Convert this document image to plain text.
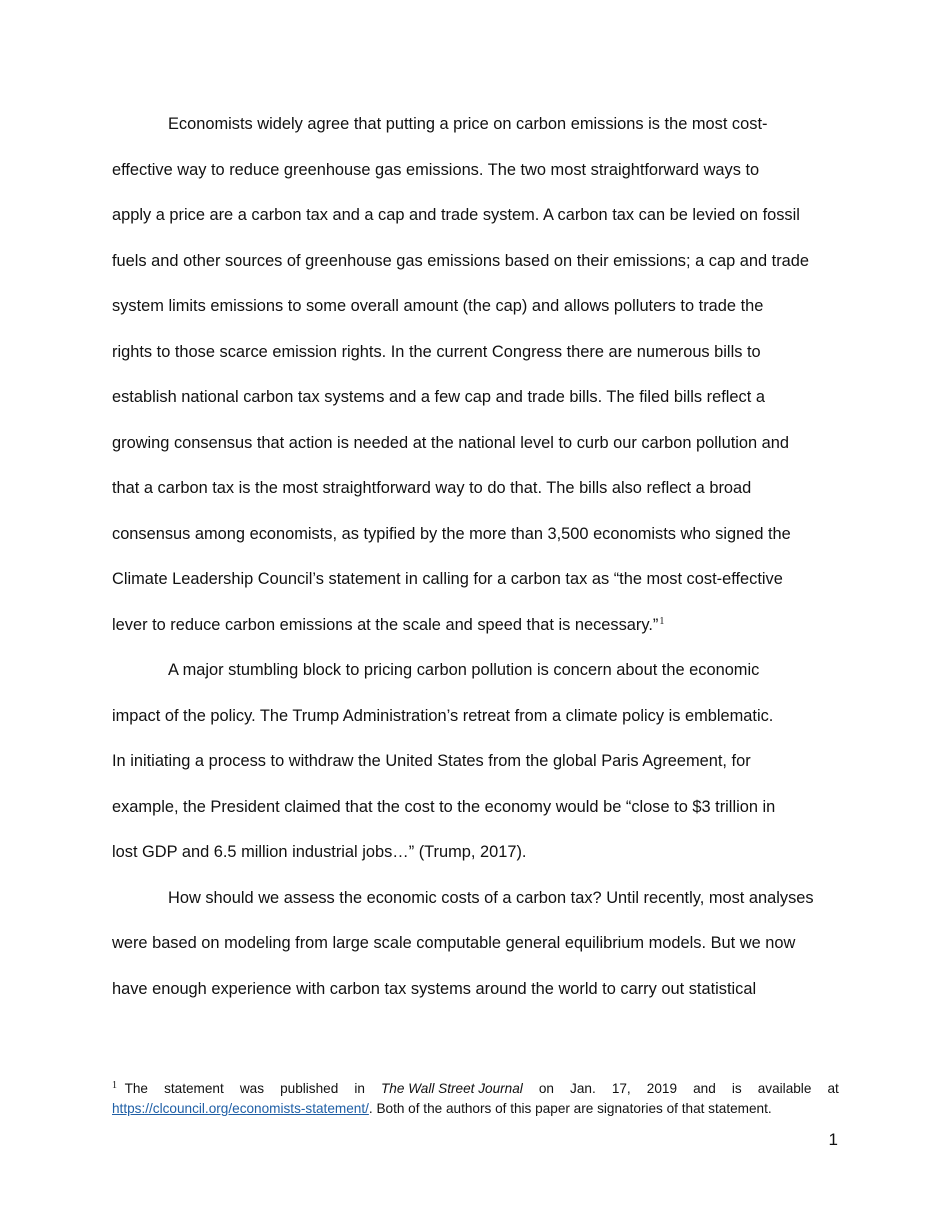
Economists widely agree that putting a price on carbon emissions is the most cost-
effective way to reduce greenhouse gas emissions. The two most straightforward ways to
apply a price are a carbon tax and a cap and trade system. A carbon tax can be levied on fossil
fuels and other sources of greenhouse gas emissions based on their emissions; a cap and trade
system limits emissions to some overall amount (the cap) and allows polluters to trade the
rights to those scarce emission rights. In the current Congress there are numerous bills to
establish national carbon tax systems and a few cap and trade bills. The filed bills reflect a
growing consensus that action is needed at the national level to curb our carbon pollution and
that a carbon tax is the most straightforward way to do that. The bills also reflect a broad
consensus among economists, as typified by the more than 3,500 economists who signed the
Climate Leadership Council’s statement in calling for a carbon tax as “the most cost-effective
lever to reduce carbon emissions at the scale and speed that is necessary.”$^1$
A major stumbling block to pricing carbon pollution is concern about the economic
impact of the policy. The Trump Administration’s retreat from a climate policy is emblematic.
In initiating a process to withdraw the United States from the global Paris Agreement, for
example, the President claimed that the cost to the economy would be “close to $3 trillion in
lost GDP and 6.5 million industrial jobs…” (Trump, 2017).
How should we assess the economic costs of a carbon tax? Until recently, most analyses
were based on modeling from large scale computable general equilibrium models. But we now
have enough experience with carbon tax systems around the world to carry out statistical
$^1$ The statement was published in The Wall Street Journal on Jan. 17, 2019 and is available at
https://clcouncil.org/economists-statement/. Both of the authors of this paper are signatories of that statement.
1
